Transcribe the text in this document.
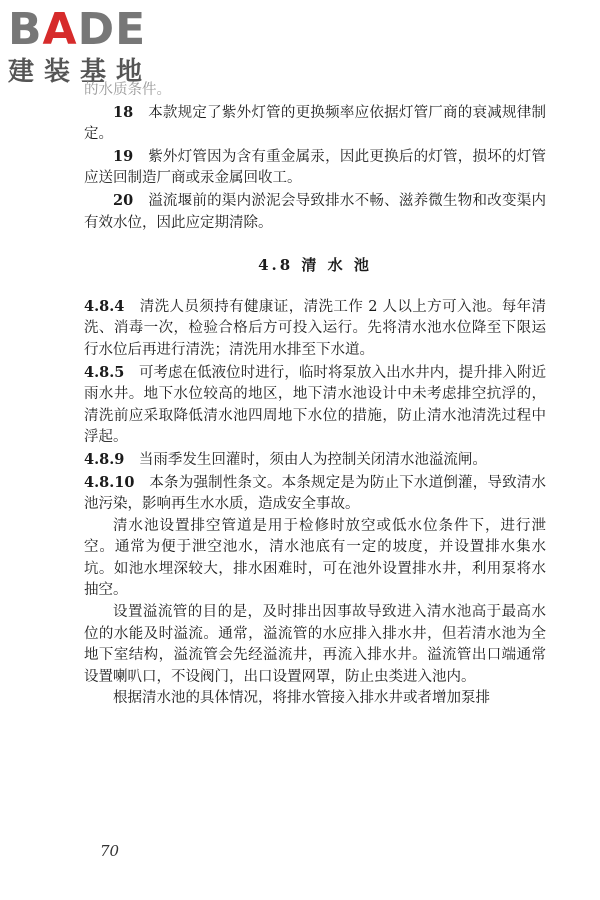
BADE
建装基地

的水质条件。

18　 本款规定了紫外灯管的更换频率应依据灯管厂商的衰减规律制定。

19　 紫外灯管因为含有重金属汞，因此更换后的灯管，损坏的灯管应送回制造厂商或汞金属回收工。

20　 溢流堰前的渠内淤泥会导致排水不畅、滋养微生物和改变渠内有效水位，因此应定期清除。

4.8 清 水 池

4.8.4　 清洗人员须持有健康证，清洗工作 2 人以上方可入池。每年清洗、消毒一次，检验合格后方可投入运行。先将清水池水位降至下限运行水位后再进行清洗；清洗用水排至下水道。

4.8.5　 可考虑在低液位时进行，临时将泵放入出水井内，提升排入附近雨水井。地下水位较高的地区，地下清水池设计中未考虑排空抗浮的，清洗前应采取降低清水池四周地下水位的措施，防止清水池清洗过程中浮起。

4.8.9　 当雨季发生回灌时，须由人为控制关闭清水池溢流闸。

4.8.10　 本条为强制性条文。本条规定是为防止下水道倒灌，导致清水池污染，影响再生水水质，造成安全事故。

清水池设置排空管道是用于检修时放空或低水位条件下，进行泄空。通常为便于泄空池水，清水池底有一定的坡度，并设置排水集水坑。如池水埋深较大，排水困难时，可在池外设置排水井，利用泵将水抽空。

设置溢流管的目的是，及时排出因事故导致进入清水池高于最高水位的水能及时溢流。通常，溢流管的水应排入排水井，但若清水池为全地下室结构，溢流管会先经溢流井，再流入排水井。溢流管出口端通常设置喇叭口，不设阀门，出口设置网罩，防止虫类进入池内。

根据清水池的具体情况，将排水管接入排水井或者增加泵排

70
